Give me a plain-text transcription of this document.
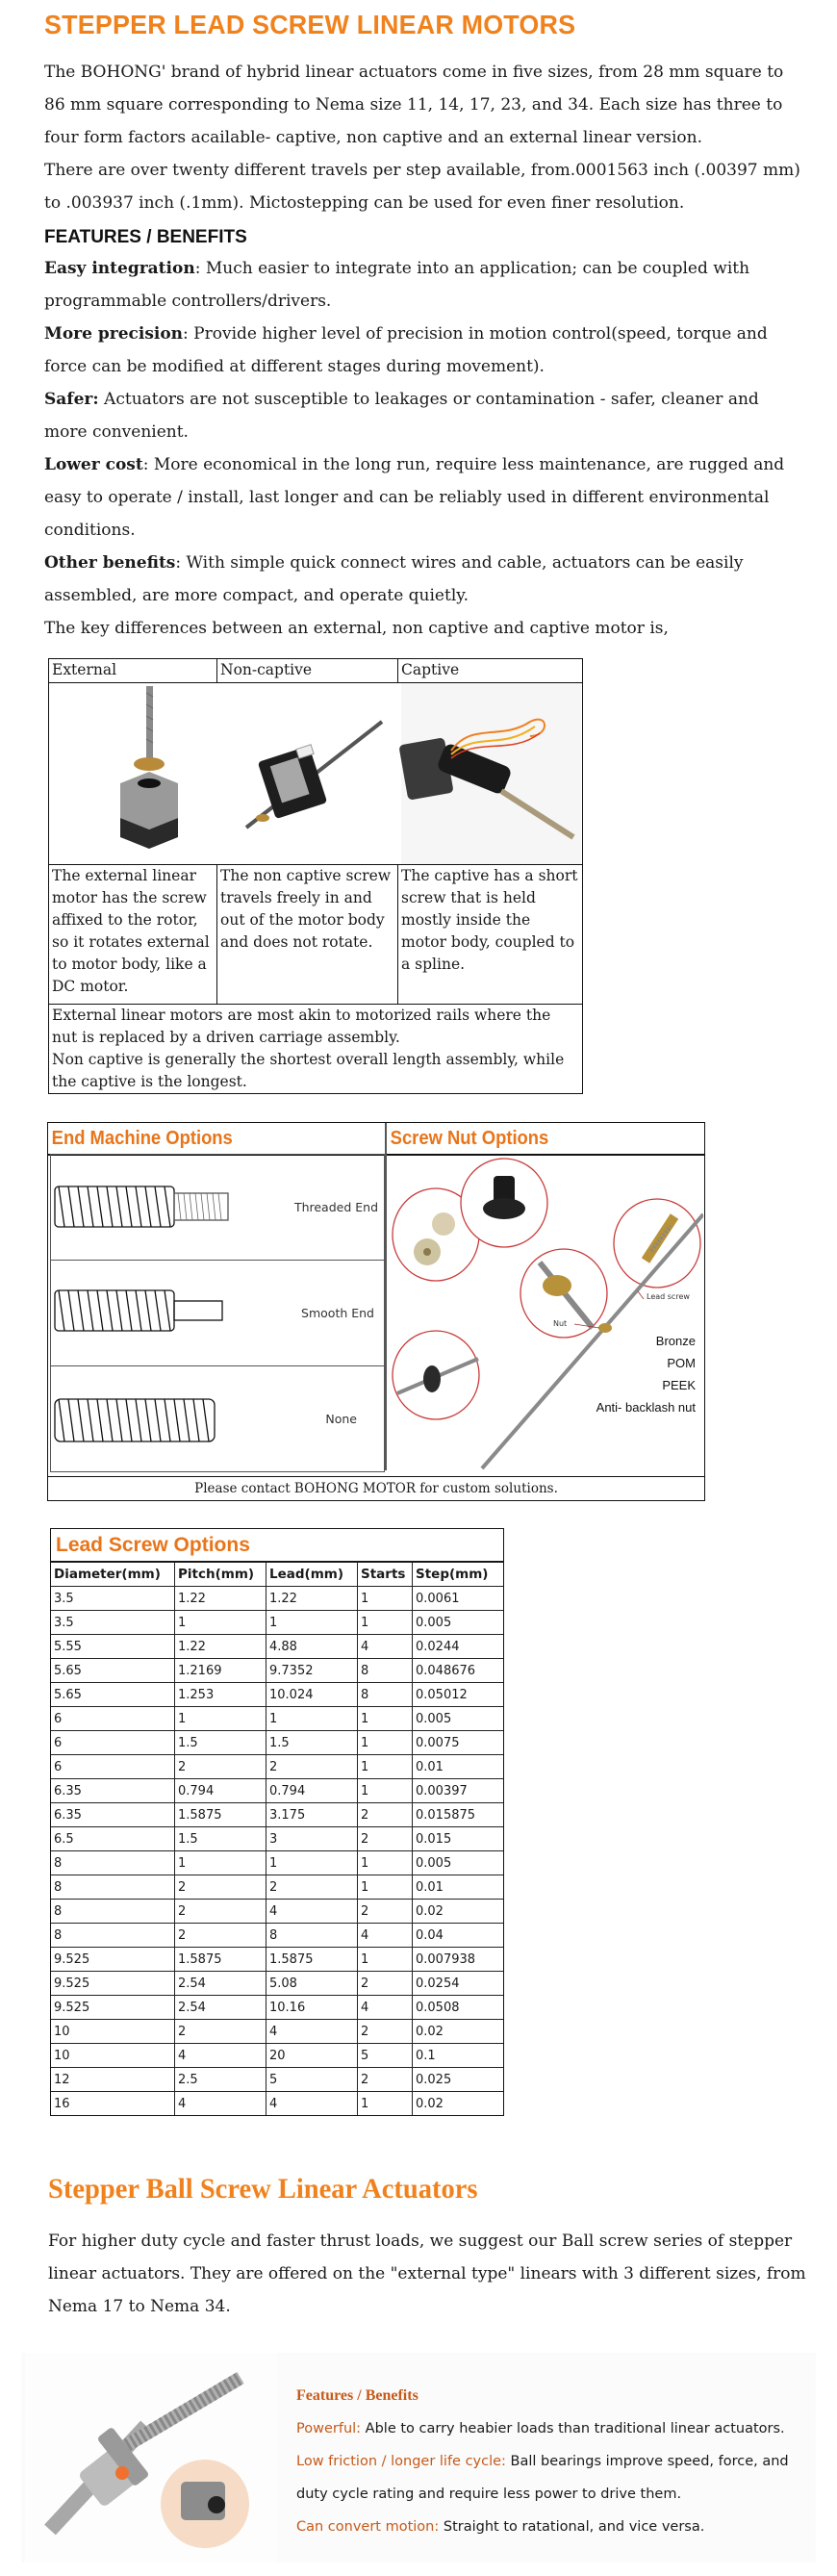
STEPPER LEAD SCREW LINEAR MOTORS
The BOHONG' brand of hybrid linear actuators come in five sizes, from 28 mm square to 86 mm square corresponding to Nema size 11, 14, 17, 23, and 34. Each size has three to four form factors acailable- captive, non captive and an external linear version.
There are over twenty different travels per step available, from.0001563 inch (.00397 mm) to .003937 inch (.1mm). Mictostepping can be used for even finer resolution.
FEATURES / BENEFITS
Easy integration: Much easier to integrate into an application; can be coupled with programmable controllers/drivers.
More precision: Provide higher level of precision in motion control(speed, torque and force can be modified at different stages during movement).
Safer: Actuators are not susceptible to leakages or contamination - safer, cleaner and more convenient.
Lower cost: More economical in the long run, require less maintenance, are rugged and easy to operate / install, last longer and can be reliably used in different environmental conditions.
Other benefits: With simple quick connect wires and cable, actuators can be easily assembled, are more compact, and operate quietly.
The key differences between an external, non captive and captive motor is,
External	Non-captive	Captive
The external linear motor has the screw affixed to the rotor, so it rotates external to motor body, like a DC motor.
The non captive screw travels freely in and out of the motor body and does not rotate.
The captive has a short screw that is held mostly inside the motor body, coupled to a spline.
External linear motors are most akin to motorized rails where the nut is replaced by a driven carriage assembly.
Non captive is generally the shortest overall length assembly, while the captive is the longest.
End Machine Options	Screw Nut Options
Threaded End
Smooth End
None
Lead screw
Nut
Bronze
POM
PEEK
Anti- backlash nut
Please contact BOHONG MOTOR for custom solutions.
Lead Screw Options
Diameter(mm)	Pitch(mm)	Lead(mm)	Starts	Step(mm)
3.5	1.22	1.22	1	0.0061
3.5	1	1	1	0.005
5.55	1.22	4.88	4	0.0244
5.65	1.2169	9.7352	8	0.048676
5.65	1.253	10.024	8	0.05012
6	1	1	1	0.005
6	1.5	1.5	1	0.0075
6	2	2	1	0.01
6.35	0.794	0.794	1	0.00397
6.35	1.5875	3.175	2	0.015875
6.5	1.5	3	2	0.015
8	1	1	1	0.005
8	2	2	1	0.01
8	2	4	2	0.02
8	2	8	4	0.04
9.525	1.5875	1.5875	1	0.007938
9.525	2.54	5.08	2	0.0254
9.525	2.54	10.16	4	0.0508
10	2	4	2	0.02
10	4	20	5	0.1
12	2.5	5	2	0.025
16	4	4	1	0.02
Stepper Ball Screw Linear Actuators
For higher duty cycle and faster thrust loads, we suggest our Ball screw series of stepper linear actuators. They are offered on the "external type" linears with 3 different sizes, from Nema 17 to Nema 34.
Features / Benefits
Powerful: Able to carry heabier loads than traditional linear actuators.
Low friction / longer life cycle: Ball bearings improve speed, force, and duty cycle rating and require less power to drive them.
Can convert motion: Straight to ratational, and vice versa.
